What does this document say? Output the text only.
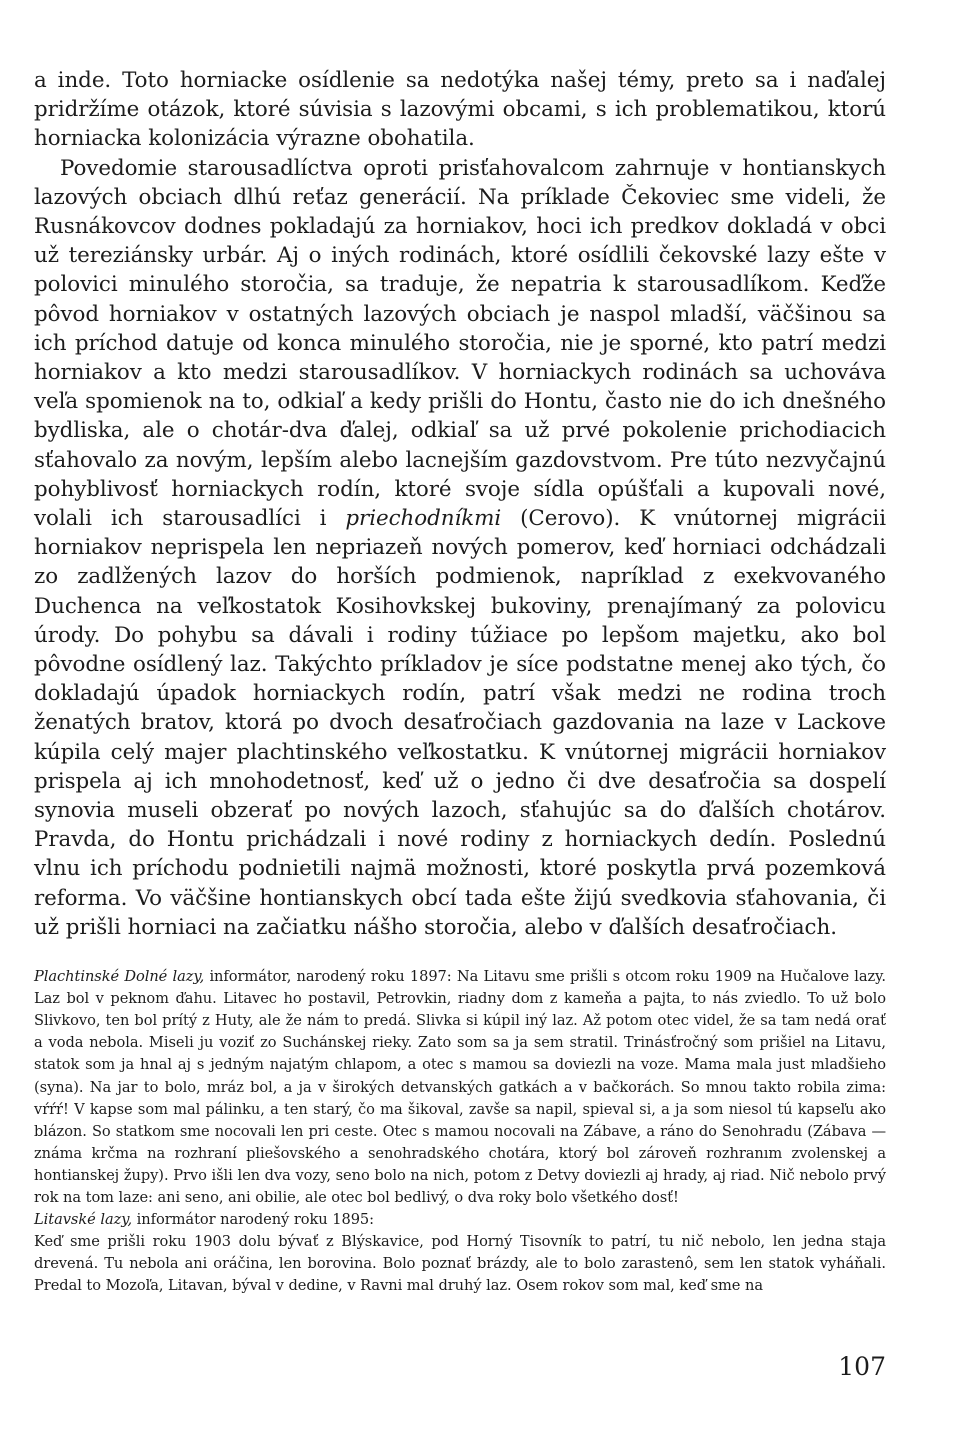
a inde. Toto horniacke osídlenie sa nedotýka našej témy, preto sa i naďalej pridržíme otázok, ktoré súvisia s lazovými obcami, s ich problematikou, ktorú horniacka kolonizácia výrazne obohatila.

Povedomie starousadlíctva oproti prisťahovalcom zahrnuje v hontianskych lazových obciach dlhú reťaz generácií. Na príklade Čekoviec sme videli, že Rusnákovcov dodnes pokladajú za horniakov, hoci ich predkov dokladá v obci už tereziánsky urbár. Aj o iných rodinách, ktoré osídlili čekovské lazy ešte v polovici minulého storočia, sa traduje, že nepatria k starousadlíkom. Keďže pôvod horniakov v ostatných lazových obciach je naspol mladší, väčšinou sa ich príchod datuje od konca minulého storočia, nie je sporné, kto patrí medzi horniakov a kto medzi starousadlíkov. V horniackych rodinách sa uchováva veľa spomienok na to, odkiaľ a kedy prišli do Hontu, často nie do ich dnešného bydliska, ale o chotár-dva ďalej, odkiaľ sa už prvé pokolenie prichodiacich sťahovalo za novým, lepším alebo lacnejším gazdovstvom. Pre túto nezvyčajnú pohyblivosť horniackych rodín, ktoré svoje sídla opúšťali a kupovali nové, volali ich starousadlíci i priechodníkmi (Cerovo). K vnútornej migrácii horniakov neprispela len nepriazeň nových pomerov, keď horniaci odchádzali zo zadlžených lazov do horších podmienok, napríklad z exekvovaného Duchenca na veľkostatok Kosihovkskej bukoviny, prenajímaný za polovicu úrody. Do pohybu sa dávali i rodiny túžiace po lepšom majetku, ako bol pôvodne osídlený laz. Takýchto príkladov je síce podstatne menej ako tých, čo dokladajú úpadok horniackych rodín, patrí však medzi ne rodina troch ženatých bratov, ktorá po dvoch desaťročiach gazdovania na laze v Lackove kúpila celý majer plachtinského veľkostatku. K vnútornej migrácii horniakov prispela aj ich mnohodetnosť, keď už o jedno či dve desaťročia sa dospelí synovia museli obzerať po nových lazoch, sťahujúc sa do ďalších chotárov. Pravda, do Hontu prichádzali i nové rodiny z horniackych dedín. Poslednú vlnu ich príchodu podnietili najmä možnosti, ktoré poskytla prvá pozemková reforma. Vo väčšine hontianskych obcí tada ešte žijú svedkovia sťahovania, či už prišli horniaci na začiatku nášho storočia, alebo v ďalších desaťročiach.

Plachtinské Dolné lazy, informátor, narodený roku 1897: Na Litavu sme prišli s otcom roku 1909 na Hučalove lazy. Laz bol v peknom ďahu. Litavec ho postavil, Petrovkin, riadny dom z kameňa a pajta, to nás zviedlo. To už bolo Slivkovo, ten bol prítý z Huty, ale že nám to predá. Slivka si kúpil iný laz. Až potom otec videl, že sa tam nedá orať a voda nebola. Miseli ju voziť zo Suchánskej rieky. Zato som sa ja sem stratil. Trinásťročný som prišiel na Litavu, statok som ja hnal aj s jedným najatým chlapom, a otec s mamou sa doviezli na voze. Mama mala just mladšieho (syna). Na jar to bolo, mráz bol, a ja v širokých detvanských gatkách a v bačkorách. So mnou takto robila zima: vŕŕŕ! V kapse som mal pálinku, a ten starý, čo ma šikoval, zavše sa napil, spieval si, a ja som niesol tú kapseľu ako blázon. So statkom sme nocovali len pri ceste. Otec s mamou nocovali na Zábave, a ráno do Senohradu (Zábava — známa krčma na rozhraní pliešovského a senohradského chotára, ktorý bol zároveň rozhranım zvolenskej a hontianskej župy). Prvo išli len dva vozy, seno bolo na nich, potom z Detvy doviezli aj hrady, aj riad. Nič nebolo prvý rok na tom laze: ani seno, ani obilie, ale otec bol bedlivý, o dva roky bolo všetkého dosť!

Litavské lazy, informátor narodený roku 1895:

Keď sme prišli roku 1903 dolu bývať z Blýskavice, pod Horný Tisovník to patrí, tu nič nebolo, len jedna staja drevená. Tu nebola ani oráčina, len borovina. Bolo poznať brázdy, ale to bolo zarastenô, sem len statok vyháňali. Predal to Mozoľa, Litavan, býval v dedine, v Ravni mal druhý laz. Osem rokov som mal, keď sme na

107
